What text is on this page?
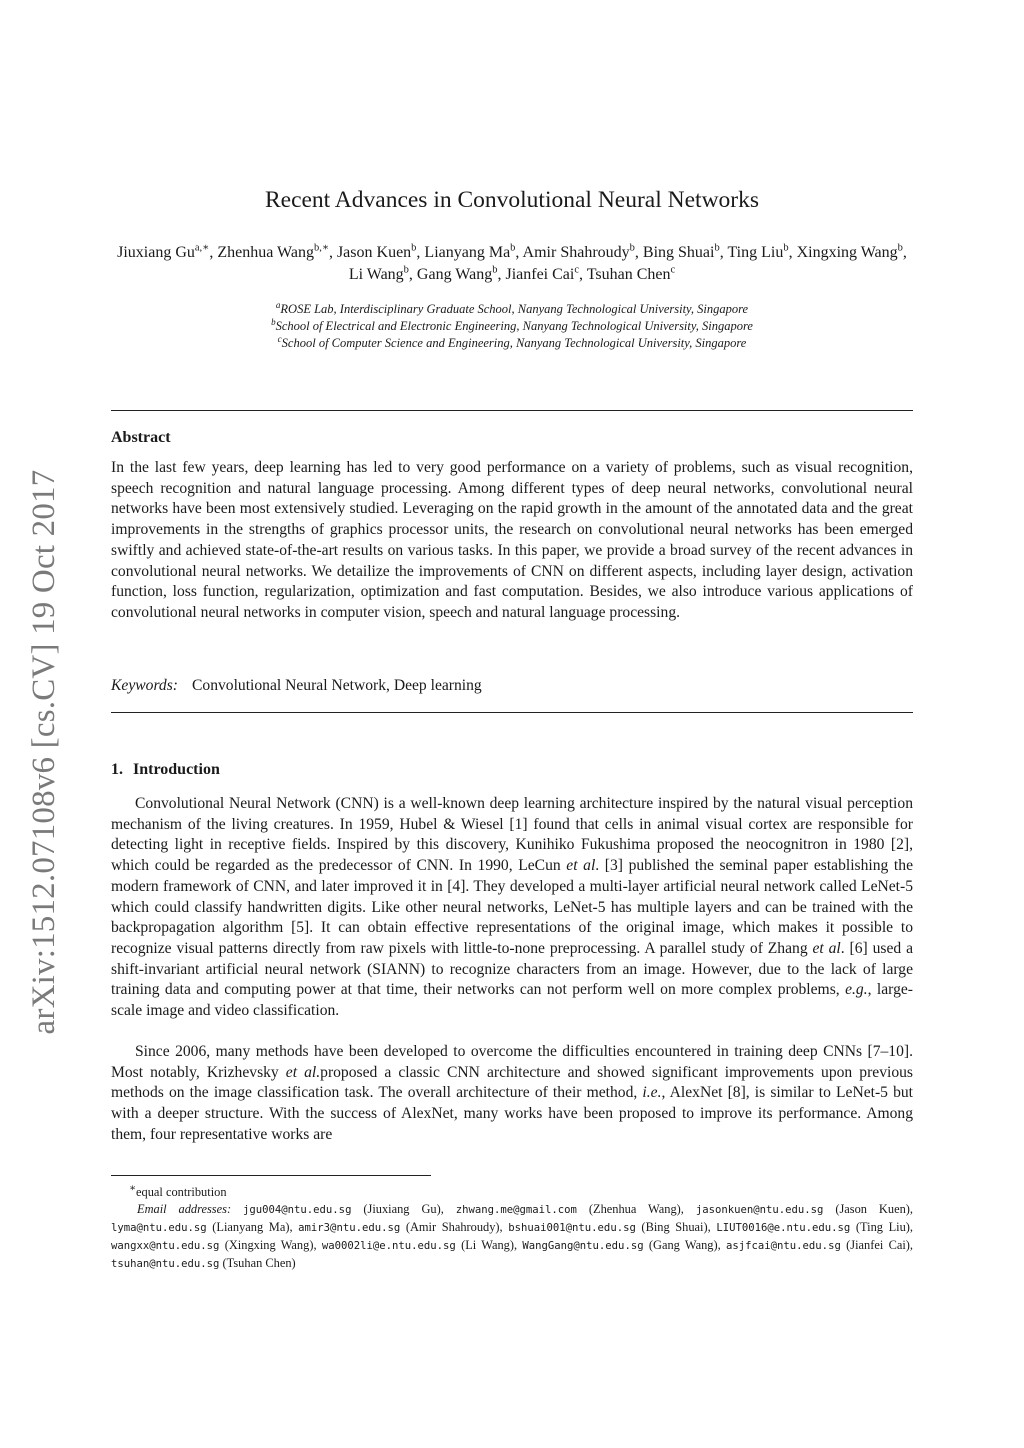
arXiv:1512.07108v6 [cs.CV] 19 Oct 2017
Recent Advances in Convolutional Neural Networks
Jiuxiang $Gu^{a,∗}$, Zhenhua Wang$^{b,∗}$, Jason Kuen$^b$, Lianyang Ma$^b$, Amir Shahroudy$^b$, Bing Shuai$^b$, Ting Liu$^b$, Xingxing Wang$^b$, Li Wang$^b$, Gang Wang$^b$, Jianfei Cai$^c$, Tsuhan Chen$^c$
$^a$ROSE Lab, Interdisciplinary Graduate School, Nanyang Technological University, Singapore
$^b$School of Electrical and Electronic Engineering, Nanyang Technological University, Singapore
$^c$School of Computer Science and Engineering, Nanyang Technological University, Singapore
Abstract
In the last few years, deep learning has led to very good performance on a variety of problems, such as visual recognition, speech recognition and natural language processing. Among different types of deep neural networks, convolutional neural networks have been most extensively studied. Leveraging on the rapid growth in the amount of the annotated data and the great improvements in the strengths of graphics processor units, the research on convolutional neural networks has been emerged swiftly and achieved state-of-the-art results on various tasks. In this paper, we provide a broad survey of the recent advances in convolutional neural networks. We detailize the improvements of CNN on different aspects, including layer design, activation function, loss function, regularization, optimization and fast computation. Besides, we also introduce various applications of convolutional neural networks in computer vision, speech and natural language processing.
Keywords: Convolutional Neural Network, Deep learning
1. Introduction
Convolutional Neural Network (CNN) is a well-known deep learning architecture inspired by the natural visual perception mechanism of the living creatures. In 1959, Hubel & Wiesel [1] found that cells in animal visual cortex are responsible for detecting light in receptive fields. Inspired by this discovery, Kunihiko Fukushima proposed the neocognitron in 1980 [2], which could be regarded as the predecessor of CNN. In 1990, LeCun et al. [3] published the seminal paper establishing the modern framework of CNN, and later improved it in [4]. They developed a multi-layer artificial neural network called LeNet-5 which could classify handwritten digits. Like other neural networks, LeNet-5 has multiple layers and can be trained with the backpropagation algorithm [5]. It can obtain effective representations of the original image, which makes it possible to recognize visual patterns directly from raw pixels with little-to-none preprocessing. A parallel study of Zhang et al. [6] used a shift-invariant artificial neural network (SIANN) to recognize characters from an image. However, due to the lack of large training data and computing power at that time, their networks can not perform well on more complex problems, e.g., large-scale image and video classification.
Since 2006, many methods have been developed to overcome the difficulties encountered in training deep CNNs [7–10]. Most notably, Krizhevsky et al.proposed a classic CNN architecture and showed significant improvements upon previous methods on the image classification task. The overall architecture of their method, i.e., AlexNet [8], is similar to LeNet-5 but with a deeper structure. With the success of AlexNet, many works have been proposed to improve its performance. Among them, four representative works are
∗equal contribution
Email addresses: jgu004@ntu.edu.sg (Jiuxiang Gu), zhwang.me@gmail.com (Zhenhua Wang), jasonkuen@ntu.edu.sg (Jason Kuen), lyma@ntu.edu.sg (Lianyang Ma), amir3@ntu.edu.sg (Amir Shahroudy), bshuai001@ntu.edu.sg (Bing Shuai), LIUT0016@e.ntu.edu.sg (Ting Liu), wangxx@ntu.edu.sg (Xingxing Wang), wa0002li@e.ntu.edu.sg (Li Wang), WangGang@ntu.edu.sg (Gang Wang), asjfcai@ntu.edu.sg (Jianfei Cai), tsuhan@ntu.edu.sg (Tsuhan Chen)
